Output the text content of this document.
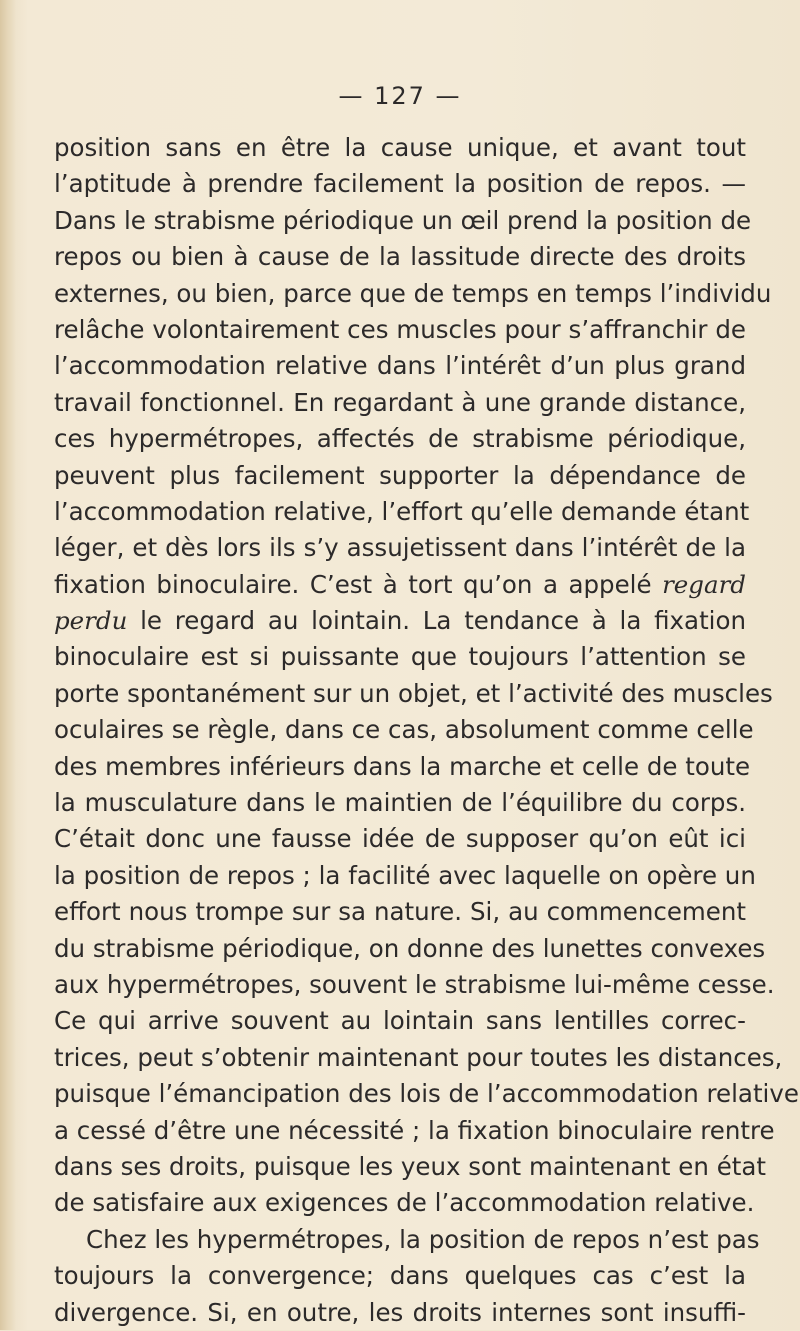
— 127 —
position sans en être la cause unique, et avant tout
l’aptitude à prendre facilement la position de repos. —
Dans le strabisme périodique un œil prend la position de
repos ou bien à cause de la lassitude directe des droits
externes, ou bien, parce que de temps en temps l’individu
relâche volontairement ces muscles pour s’affranchir de
l’accommodation relative dans l’intérêt d’un plus grand
travail fonctionnel. En regardant à une grande distance,
ces hypermétropes, affectés de strabisme périodique,
peuvent plus facilement supporter la dépendance de
l’accommodation relative, l’effort qu’elle demande étant
léger, et dès lors ils s’y assujetissent dans l’intérêt de la
fixation binoculaire. C’est à tort qu’on a appelé regard
perdu le regard au lointain. La tendance à la fixation
binoculaire est si puissante que toujours l’attention se
porte spontanément sur un objet, et l’activité des muscles
oculaires se règle, dans ce cas, absolument comme celle
des membres inférieurs dans la marche et celle de toute
la musculature dans le maintien de l’équilibre du corps.
C’était donc une fausse idée de supposer qu’on eût ici
la position de repos ; la facilité avec laquelle on opère un
effort nous trompe sur sa nature. Si, au commencement
du strabisme périodique, on donne des lunettes convexes
aux hypermétropes, souvent le strabisme lui-même cesse.
Ce qui arrive souvent au lointain sans lentilles correc-
trices, peut s’obtenir maintenant pour toutes les distances,
puisque l’émancipation des lois de l’accommodation relative
a cessé d’être une nécessité ; la fixation binoculaire rentre
dans ses droits, puisque les yeux sont maintenant en état
de satisfaire aux exigences de l’accommodation relative.
Chez les hypermétropes, la position de repos n’est pas
toujours la convergence; dans quelques cas c’est la
divergence. Si, en outre, les droits internes sont insuffi-
